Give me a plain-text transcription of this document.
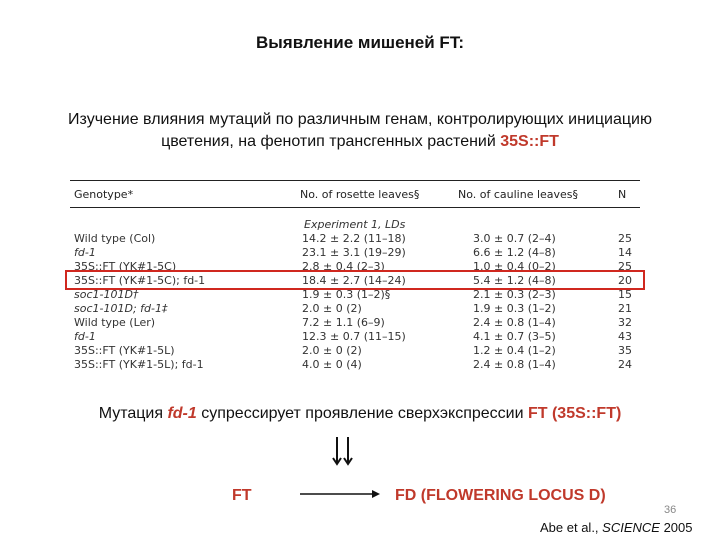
Выявление мишеней FT:
Изучение влияния мутаций по различным генам, контролирующих инициацию
цветения, на фенотип трансгенных растений 35S::FT
Genotype*	No. of rosette leaves§	No. of cauline leaves§	N
Experiment 1, LDs
Wild type (Col)	14.2 ± 2.2 (11–18)	3.0 ± 0.7 (2–4)	25
fd-1	23.1 ± 3.1 (19–29)	6.6 ± 1.2 (4–8)	14
35S::FT (YK#1-5C)	2.8 ± 0.4 (2–3)	1.0 ± 0.4 (0–2)	25
35S::FT (YK#1-5C); fd-1	18.4 ± 2.7 (14–24)	5.4 ± 1.2 (4–8)	20
soc1-101D†	1.9 ± 0.3 (1–2)§	2.1 ± 0.3 (2–3)	15
soc1-101D; fd-1‡	2.0 ± 0 (2)	1.9 ± 0.3 (1–2)	21
Wild type (Ler)	7.2 ± 1.1 (6–9)	2.4 ± 0.8 (1–4)	32
fd-1	12.3 ± 0.7 (11–15)	4.1 ± 0.7 (3–5)	43
35S::FT (YK#1-5L)	2.0 ± 0 (2)	1.2 ± 0.4 (1–2)	35
35S::FT (YK#1-5L); fd-1	4.0 ± 0 (4)	2.4 ± 0.8 (1–4)	24
Мутация fd-1 супрессирует проявление сверхэкспрессии FT (35S::FT)
FT	FD (FLOWERING LOCUS D)
36
Abe et al., SCIENCE 2005
